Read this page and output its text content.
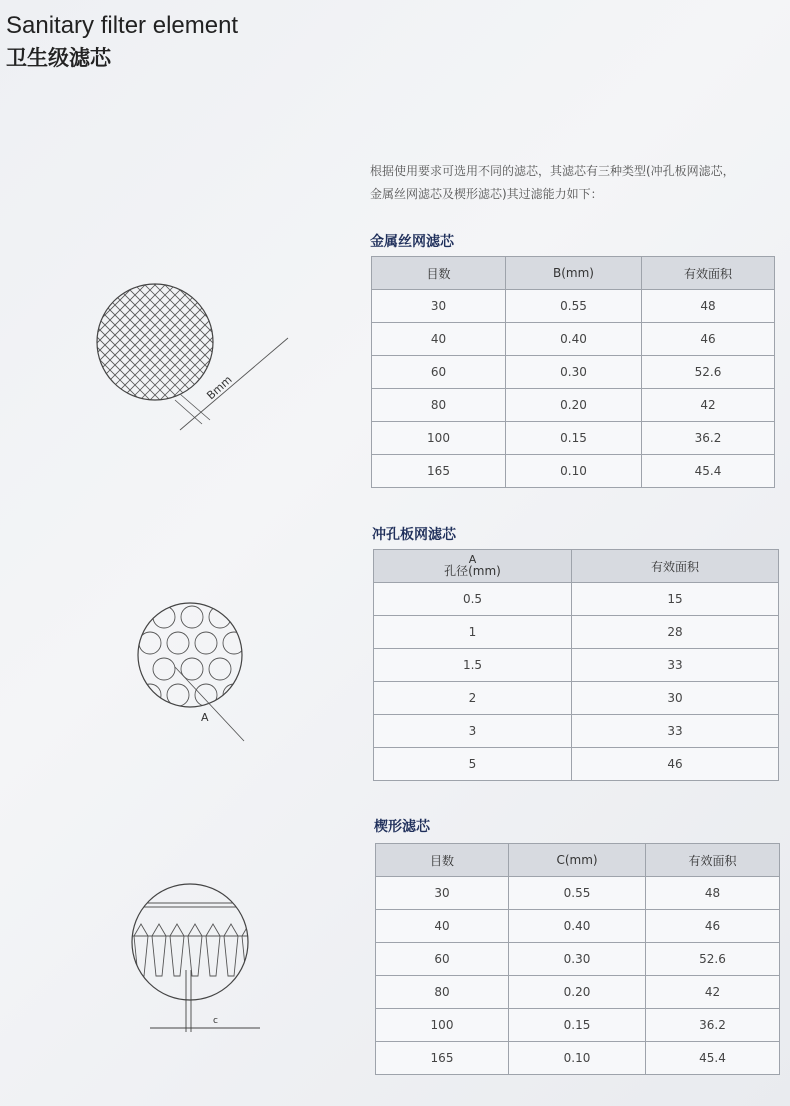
Sanitary filter element
卫生级滤芯
根据使用要求可选用不同的滤芯，其滤芯有三种类型(冲孔板网滤芯，
金属丝网滤芯及楔形滤芯)其过滤能力如下：
金属丝网滤芯
目数	B(mm)	有效面积
30	0.55	48
40	0.40	46
60	0.30	52.6
80	0.20	42
100	0.15	36.2
165	0.10	45.4
冲孔板网滤芯
A
孔径(mm)	有效面积
0.5	15
1	28
1.5	33
2	30
3	33
5	46
楔形滤芯
目数	C(mm)	有效面积
30	0.55	48
40	0.40	46
60	0.30	52.6
80	0.20	42
100	0.15	36.2
165	0.10	45.4
Bmm
A
c
